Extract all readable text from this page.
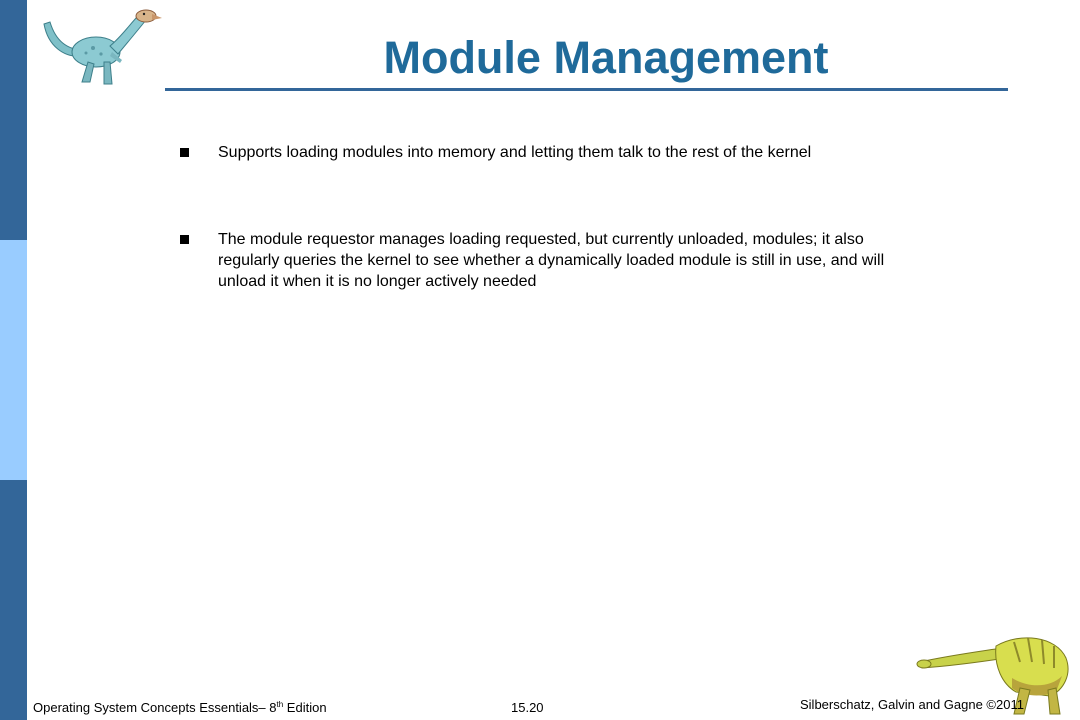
Module Management
Supports loading modules into memory and letting them talk to the rest of the kernel
The module requestor manages loading requested, but currently unloaded, modules; it also regularly queries the kernel to see whether a dynamically loaded module is still in use, and will unload it when it is no longer actively needed
Operating System Concepts Essentials– 8th Edition	15.20	Silberschatz, Galvin and Gagne ©2011
